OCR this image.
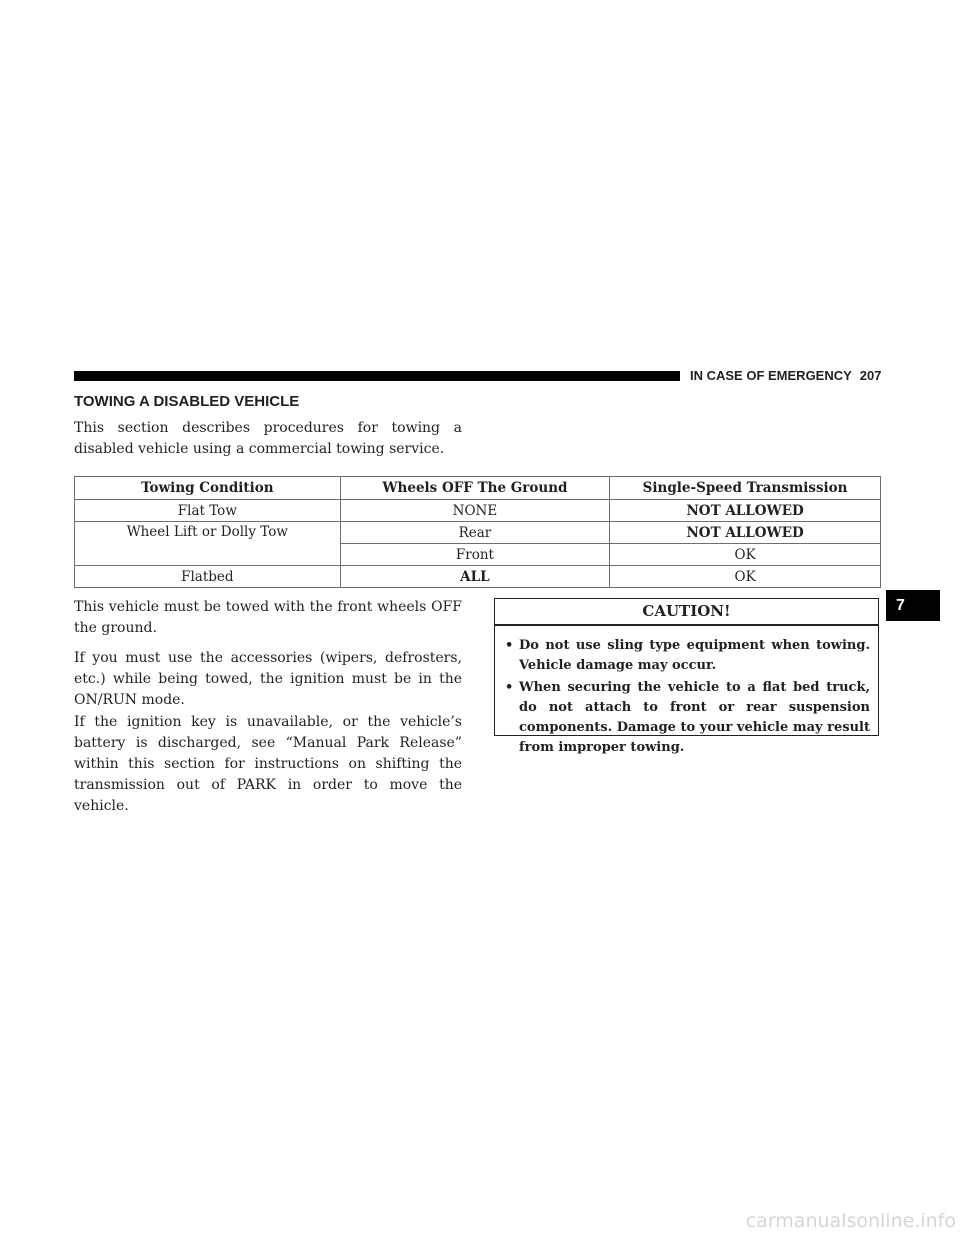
IN CASE OF EMERGENCY 207
TOWING A DISABLED VEHICLE

This section describes procedures for towing a disabled vehicle using a commercial towing service.

Towing Condition	Wheels OFF The Ground	Single-Speed Transmission
Flat Tow	NONE	NOT ALLOWED
Wheel Lift or Dolly Tow	Rear	NOT ALLOWED
	Front	OK
Flatbed	ALL	OK

This vehicle must be towed with the front wheels OFF the ground.

If you must use the accessories (wipers, defrosters, etc.) while being towed, the ignition must be in the ON/RUN mode.

If the ignition key is unavailable, or the vehicle’s battery is discharged, see “Manual Park Release” within this section for instructions on shifting the transmission out of PARK in order to move the vehicle.

CAUTION!
• Do not use sling type equipment when towing. Vehicle damage may occur.
• When securing the vehicle to a flat bed truck, do not attach to front or rear suspension components. Damage to your vehicle may result from improper towing.
7
carmanualsonline.info
